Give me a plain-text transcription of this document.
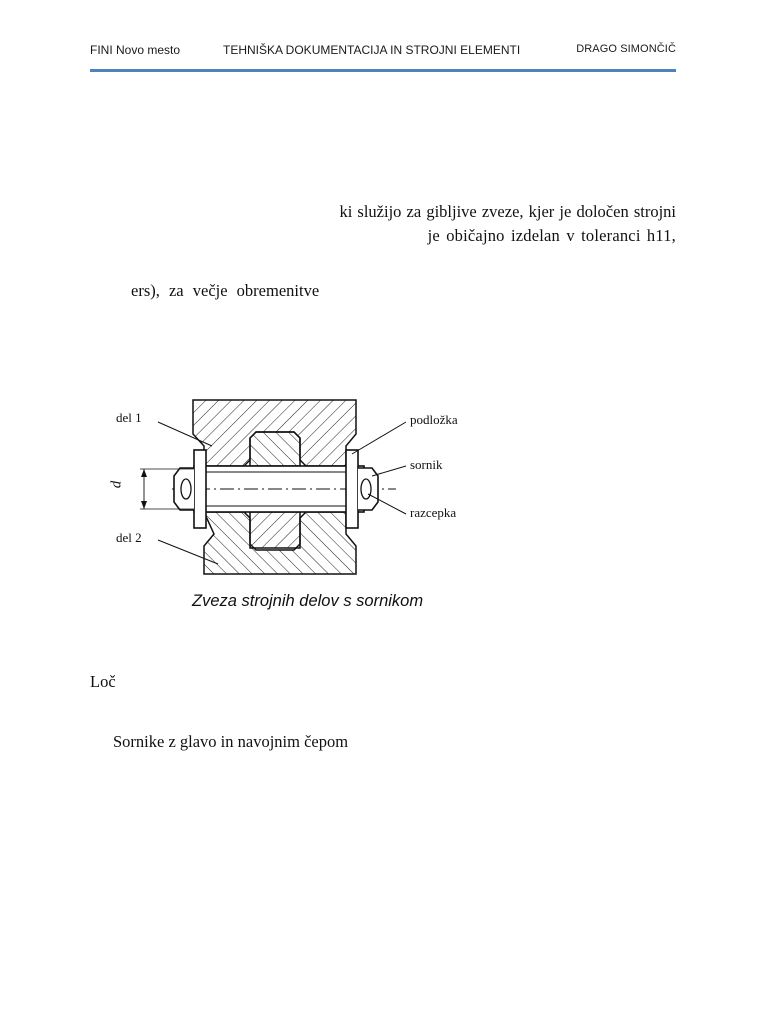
FINI Novo mesto	TEHNIŠKA DOKUMENTACIJA IN STROJNI ELEMENTI	DRAGO SIMONČIČ
ki služijo za gibljive zveze, kjer je določen strojni
je običajno izdelan v toleranci h11,
ers), za večje obremenitve
del 1
del 2
d
podložka
sornik
razcepka
Zveza strojnih delov s sornikom
Loč
Sornike z glavo in navojnim čepom
